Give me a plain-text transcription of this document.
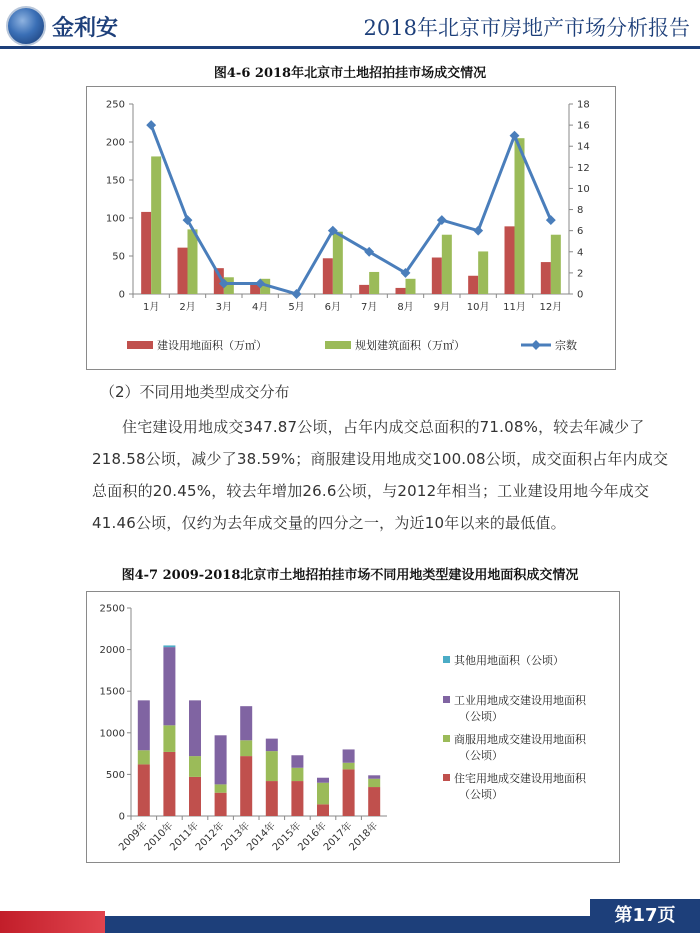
金利安	2018年北京市房地产市场分析报告
图4-6 2018年北京市土地招拍挂市场成交情况
0
50
100
150
200
250
0
2
4
6
8
10
12
14
16
18
1月 2月 3月 4月 5月 6月 7月 8月 9月 10月 11月 12月
建设用地面积（万㎡）	规划建筑面积（万㎡）	宗数
（2）不同用地类型成交分布
住宅建设用地成交347.87公顷，占年内成交总面积的71.08%，较去年减少了218.58公顷，减少了38.59%；商服建设用地成交100.08公顷，成交面积占年内成交总面积的20.45%，较去年增加26.6公顷，与2012年相当；工业建设用地今年成交41.46公顷，仅约为去年成交量的四分之一，为近10年以来的最低值。
图4-7 2009-2018北京市土地招拍挂市场不同用地类型建设用地面积成交情况
0
500
1000
1500
2000
2500
2009年
2010年
2011年
2012年
2013年
2014年
2015年
2016年
2017年
2018年
其他用地面积（公顷）
工业用地成交建设用地面积
（公顷）
商服用地成交建设用地面积
（公顷）
住宅用地成交建设用地面积
（公顷）
第17页
